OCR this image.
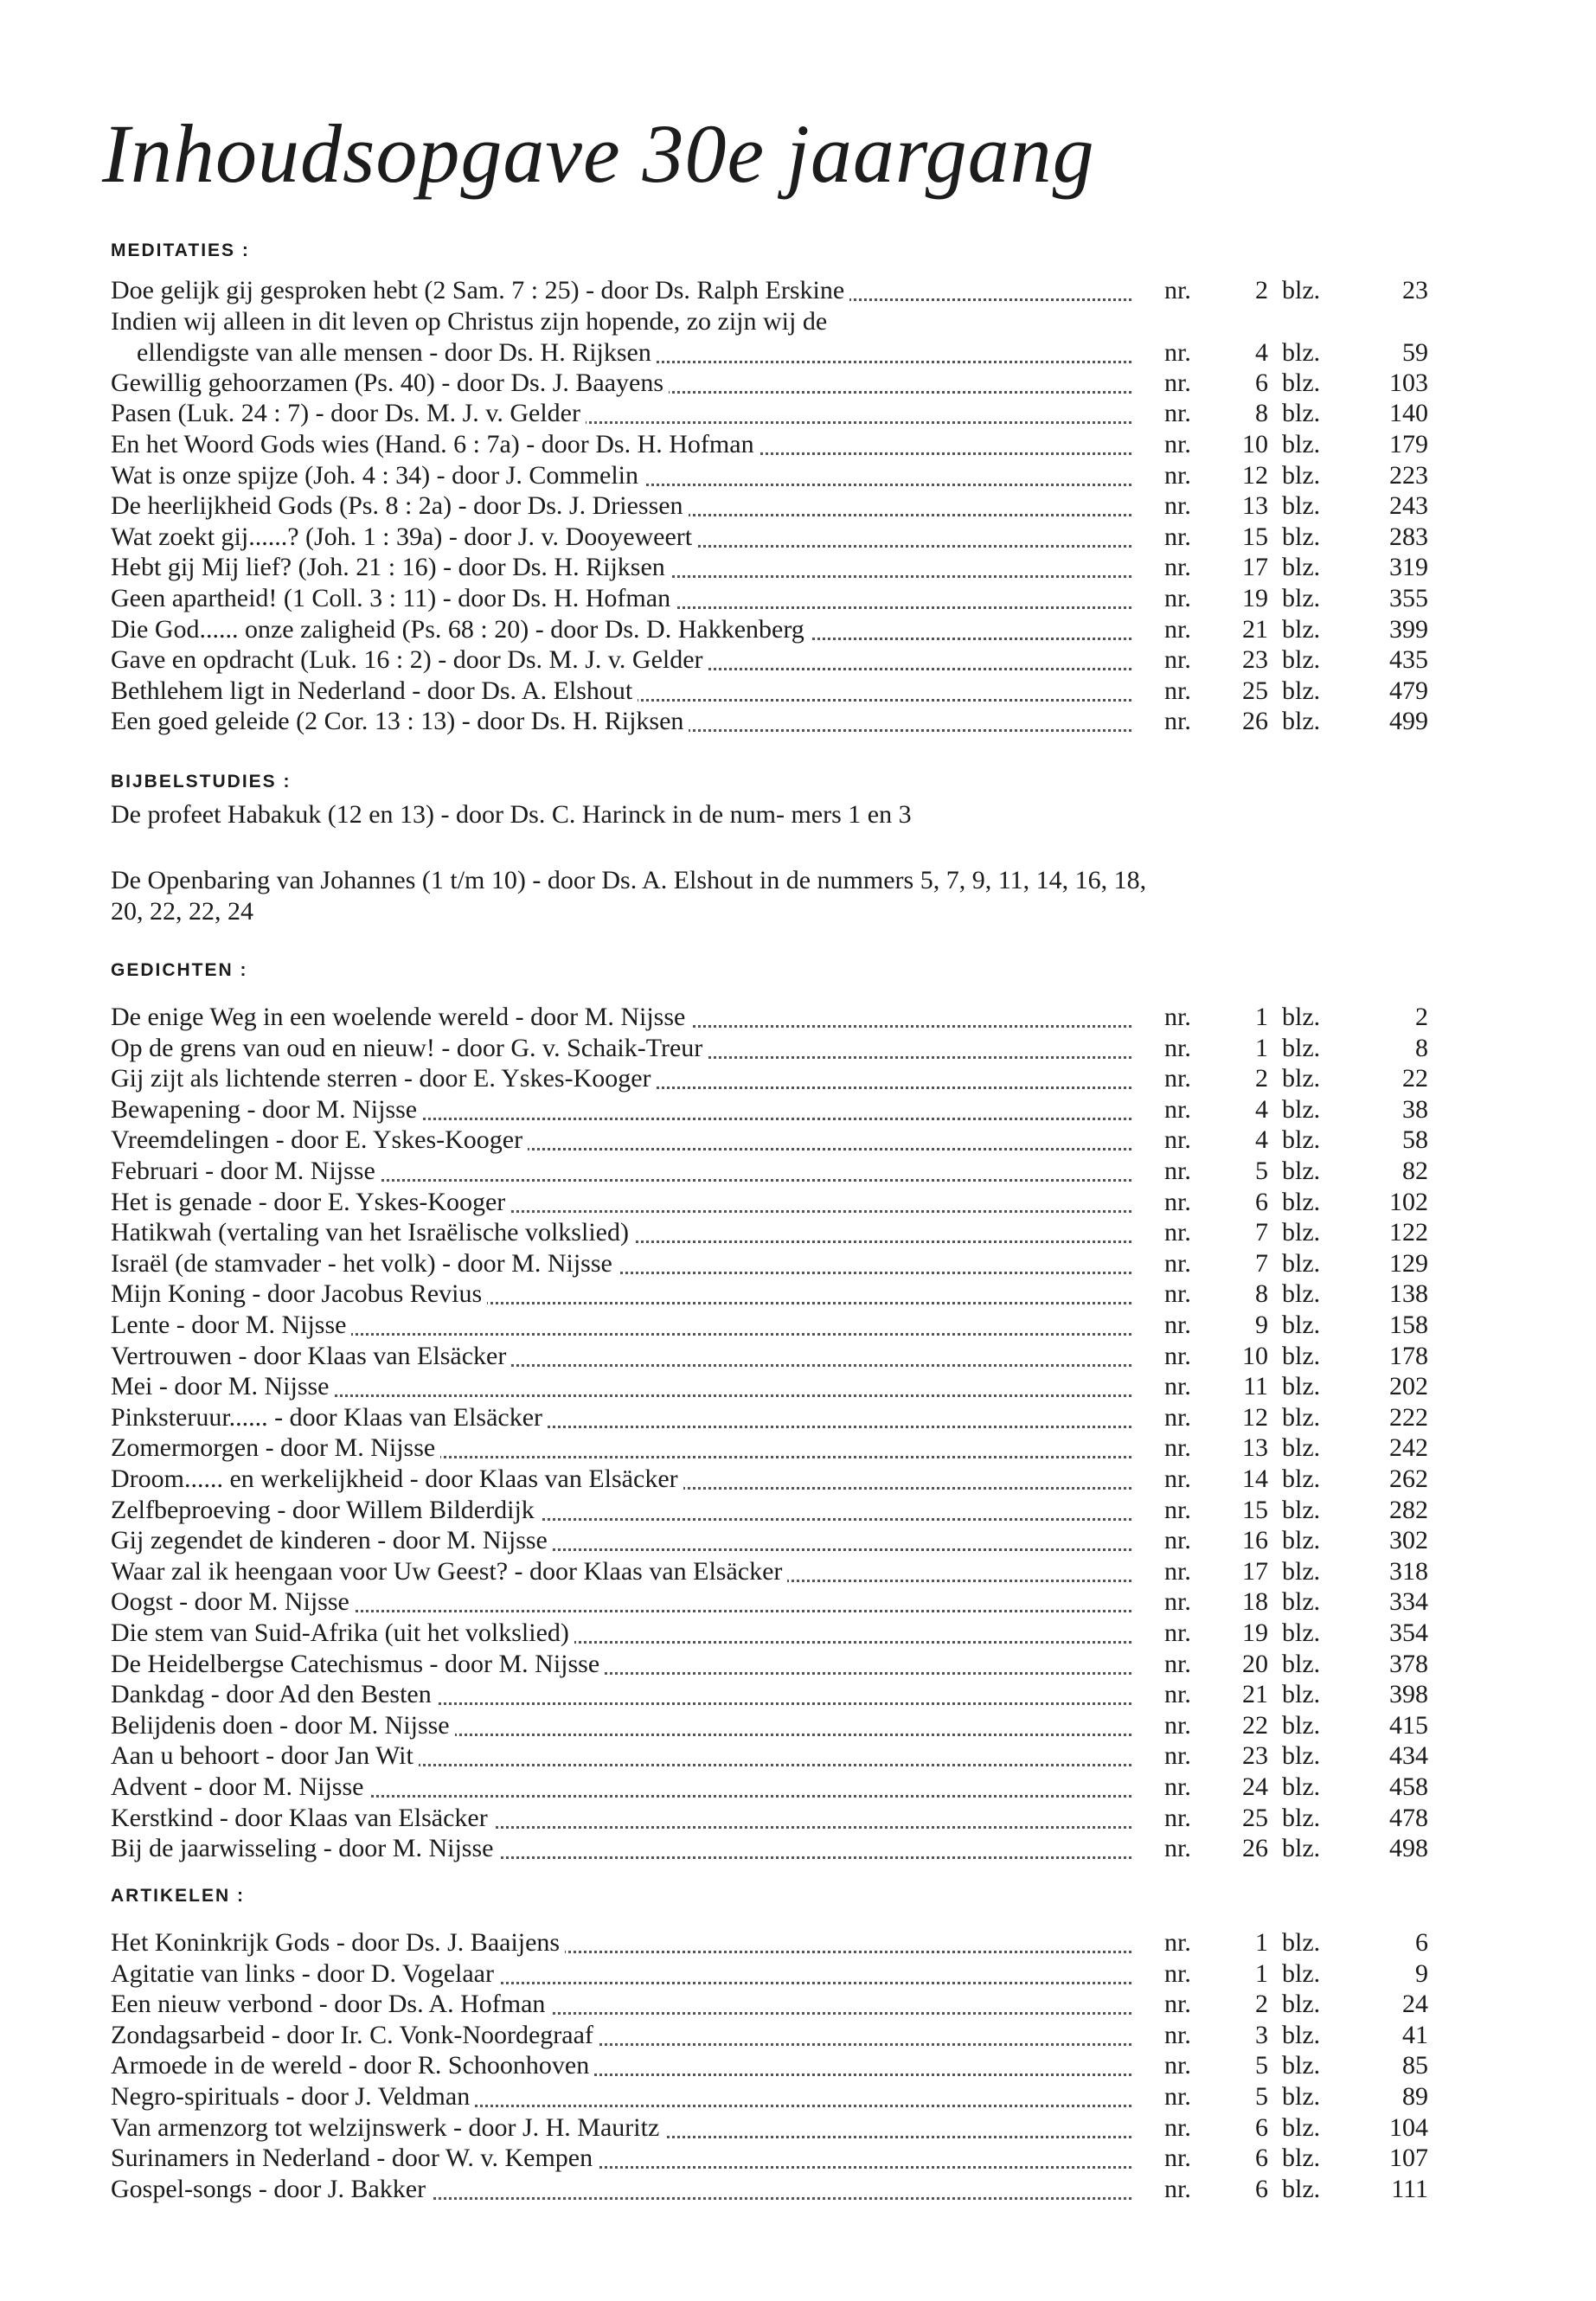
Inhoudsopgave 30e jaargang
MEDITATIES :
Doe gelijk gij gesproken hebt (2 Sam. 7 : 25) - door Ds. Ralph Erskine	nr.	2 blz.	23
Indien wij alleen in dit leven op Christus zijn hopende, zo zijn wij de
ellendigste van alle mensen - door Ds. H. Rijksen	nr.	4 blz.	59
Gewillig gehoorzamen (Ps. 40) - door Ds. J. Baayens	nr.	6 blz.	103
Pasen (Luk. 24 : 7) - door Ds. M. J. v. Gelder	nr.	8 blz.	140
En het Woord Gods wies (Hand. 6 : 7a) - door Ds. H. Hofman	nr.	10 blz.	179
Wat is onze spijze (Joh. 4 : 34) - door J. Commelin	nr.	12 blz.	223
De heerlijkheid Gods (Ps. 8 : 2a) - door Ds. J. Driessen	nr.	13 blz.	243
Wat zoekt gij......? (Joh. 1 : 39a) - door J. v. Dooyeweert	nr.	15 blz.	283
Hebt gij Mij lief? (Joh. 21 : 16) - door Ds. H. Rijksen	nr.	17 blz.	319
Geen apartheid! (1 Coll. 3 : 11) - door Ds. H. Hofman	nr.	19 blz.	355
Die God...... onze zaligheid (Ps. 68 : 20) - door Ds. D. Hakkenberg	nr.	21 blz.	399
Gave en opdracht (Luk. 16 : 2) - door Ds. M. J. v. Gelder	nr.	23 blz.	435
Bethlehem ligt in Nederland - door Ds. A. Elshout	nr.	25 blz.	479
Een goed geleide (2 Cor. 13 : 13) - door Ds. H. Rijksen	nr.	26 blz.	499
BIJBELSTUDIES :
De profeet Habakuk (12 en 13) - door Ds. C. Harinck in de num- mers 1 en 3
De Openbaring van Johannes (1 t/m 10) - door Ds. A. Elshout in de nummers 5, 7, 9, 11, 14, 16, 18, 20, 22, 22, 24
GEDICHTEN :
De enige Weg in een woelende wereld - door M. Nijsse	nr.	1 blz.	2
Op de grens van oud en nieuw! - door G. v. Schaik-Treur	nr.	1 blz.	8
Gij zijt als lichtende sterren - door E. Yskes-Kooger	nr.	2 blz.	22
Bewapening - door M. Nijsse	nr.	4 blz.	38
Vreemdelingen - door E. Yskes-Kooger	nr.	4 blz.	58
Februari - door M. Nijsse	nr.	5 blz.	82
Het is genade - door E. Yskes-Kooger	nr.	6 blz.	102
Hatikwah (vertaling van het Israëlische volkslied)	nr.	7 blz.	122
Israël (de stamvader - het volk) - door M. Nijsse	nr.	7 blz.	129
Mijn Koning - door Jacobus Revius	nr.	8 blz.	138
Lente - door M. Nijsse	nr.	9 blz.	158
Vertrouwen - door Klaas van Elsäcker	nr.	10 blz.	178
Mei - door M. Nijsse	nr.	11 blz.	202
Pinksteruur...... - door Klaas van Elsäcker	nr.	12 blz.	222
Zomermorgen - door M. Nijsse	nr.	13 blz.	242
Droom...... en werkelijkheid - door Klaas van Elsäcker	nr.	14 blz.	262
Zelfbeproeving - door Willem Bilderdijk	nr.	15 blz.	282
Gij zegendet de kinderen - door M. Nijsse	nr.	16 blz.	302
Waar zal ik heengaan voor Uw Geest? - door Klaas van Elsäcker	nr.	17 blz.	318
Oogst - door M. Nijsse	nr.	18 blz.	334
Die stem van Suid-Afrika (uit het volkslied)	nr.	19 blz.	354
De Heidelbergse Catechismus - door M. Nijsse	nr.	20 blz.	378
Dankdag - door Ad den Besten	nr.	21 blz.	398
Belijdenis doen - door M. Nijsse	nr.	22 blz.	415
Aan u behoort - door Jan Wit	nr.	23 blz.	434
Advent - door M. Nijsse	nr.	24 blz.	458
Kerstkind - door Klaas van Elsäcker	nr.	25 blz.	478
Bij de jaarwisseling - door M. Nijsse	nr.	26 blz.	498
ARTIKELEN :
Het Koninkrijk Gods - door Ds. J. Baaijens	nr.	1 blz.	6
Agitatie van links - door D. Vogelaar	nr.	1 blz.	9
Een nieuw verbond - door Ds. A. Hofman	nr.	2 blz.	24
Zondagsarbeid - door Ir. C. Vonk-Noordegraaf	nr.	3 blz.	41
Armoede in de wereld - door R. Schoonhoven	nr.	5 blz.	85
Negro-spirituals - door J. Veldman	nr.	5 blz.	89
Van armenzorg tot welzijnswerk - door J. H. Mauritz	nr.	6 blz.	104
Surinamers in Nederland - door W. v. Kempen	nr.	6 blz.	107
Gospel-songs - door J. Bakker	nr.	6 blz.	111
